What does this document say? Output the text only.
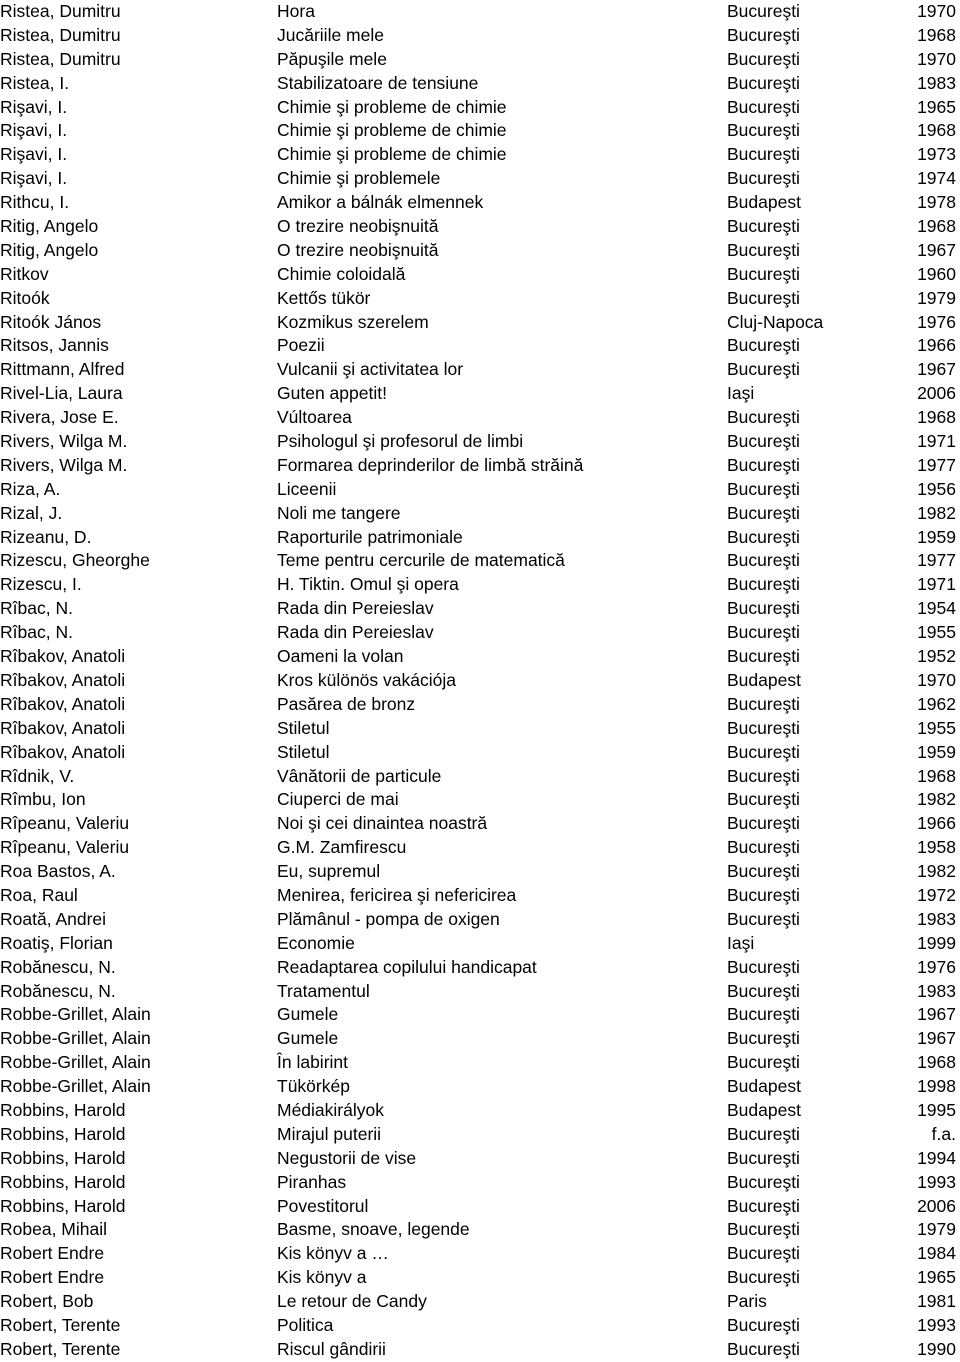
Ristea, Dumitru	Hora	Bucureşti	1970
Ristea, Dumitru	Jucăriile mele	Bucureşti	1968
Ristea, Dumitru	Păpuşile mele	Bucureşti	1970
Ristea, I.	Stabilizatoare de tensiune	Bucureşti	1983
Rişavi, I.	Chimie şi probleme de chimie	Bucureşti	1965
Rişavi, I.	Chimie şi probleme de chimie	Bucureşti	1968
Rişavi, I.	Chimie şi probleme de chimie	Bucureşti	1973
Rişavi, I.	Chimie şi problemele	Bucureşti	1974
Rithcu, I.	Amikor a bálnák elmennek	Budapest	1978
Ritig, Angelo	O trezire neobişnuită	Bucureşti	1968
Ritig, Angelo	O trezire neobişnuită	Bucureşti	1967
Ritkov	Chimie coloidală	Bucureşti	1960
Ritoók	Kettős tükör	Bucureşti	1979
Ritoók János	Kozmikus szerelem	Cluj-Napoca	1976
Ritsos, Jannis	Poezii	Bucureşti	1966
Rittmann, Alfred	Vulcanii şi activitatea lor	Bucureşti	1967
Rivel-Lia, Laura	Guten appetit!	Iaşi	2006
Rivera, Jose E.	Vúltoarea	Bucureşti	1968
Rivers, Wilga M.	Psihologul şi profesorul de limbi	Bucureşti	1971
Rivers, Wilga M.	Formarea deprinderilor de limbă străină	Bucureşti	1977
Riza, A.	Liceenii	Bucureşti	1956
Rizal, J.	Noli me tangere	Bucureşti	1982
Rizeanu, D.	Raporturile patrimoniale	Bucureşti	1959
Rizescu, Gheorghe	Teme pentru cercurile de matematică	Bucureşti	1977
Rizescu, I.	H. Tiktin. Omul şi opera	Bucureşti	1971
Rîbac, N.	Rada din Pereieslav	Bucureşti	1954
Rîbac, N.	Rada din Pereieslav	Bucureşti	1955
Rîbakov, Anatoli	Oameni la volan	Bucureşti	1952
Rîbakov, Anatoli	Kros különös vakációja	Budapest	1970
Rîbakov, Anatoli	Pasărea de bronz	Bucureşti	1962
Rîbakov, Anatoli	Stiletul	Bucureşti	1955
Rîbakov, Anatoli	Stiletul	Bucureşti	1959
Rîdnik, V.	Vânătorii de particule	Bucureşti	1968
Rîmbu, Ion	Ciuperci de mai	Bucureşti	1982
Rîpeanu, Valeriu	Noi şi cei dinaintea noastră	Bucureşti	1966
Rîpeanu, Valeriu	G.M. Zamfirescu	Bucureşti	1958
Roa Bastos, A.	Eu, supremul	Bucureşti	1982
Roa, Raul	Menirea, fericirea şi nefericirea	Bucureşti	1972
Roată, Andrei	Plămânul - pompa de oxigen	Bucureşti	1983
Roatiş, Florian	Economie	Iaşi	1999
Robănescu, N.	Readaptarea copilului handicapat	Bucureşti	1976
Robănescu, N.	Tratamentul	Bucureşti	1983
Robbe-Grillet, Alain	Gumele	Bucureşti	1967
Robbe-Grillet, Alain	Gumele	Bucureşti	1967
Robbe-Grillet, Alain	În labirint	Bucureşti	1968
Robbe-Grillet, Alain	Tükörkép	Budapest	1998
Robbins, Harold	Médiakirályok	Budapest	1995
Robbins, Harold	Mirajul puterii	Bucureşti	f.a.
Robbins, Harold	Negustorii de vise	Bucureşti	1994
Robbins, Harold	Piranhas	Bucureşti	1993
Robbins, Harold	Povestitorul	Bucureşti	2006
Robea, Mihail	Basme, snoave, legende	Bucureşti	1979
Robert Endre	Kis könyv a …	Bucureşti	1984
Robert Endre	Kis könyv a	Bucureşti	1965
Robert, Bob	Le retour de Candy	Paris	1981
Robert, Terente	Politica	Bucureşti	1993
Robert, Terente	Riscul gândirii	Bucureşti	1990
